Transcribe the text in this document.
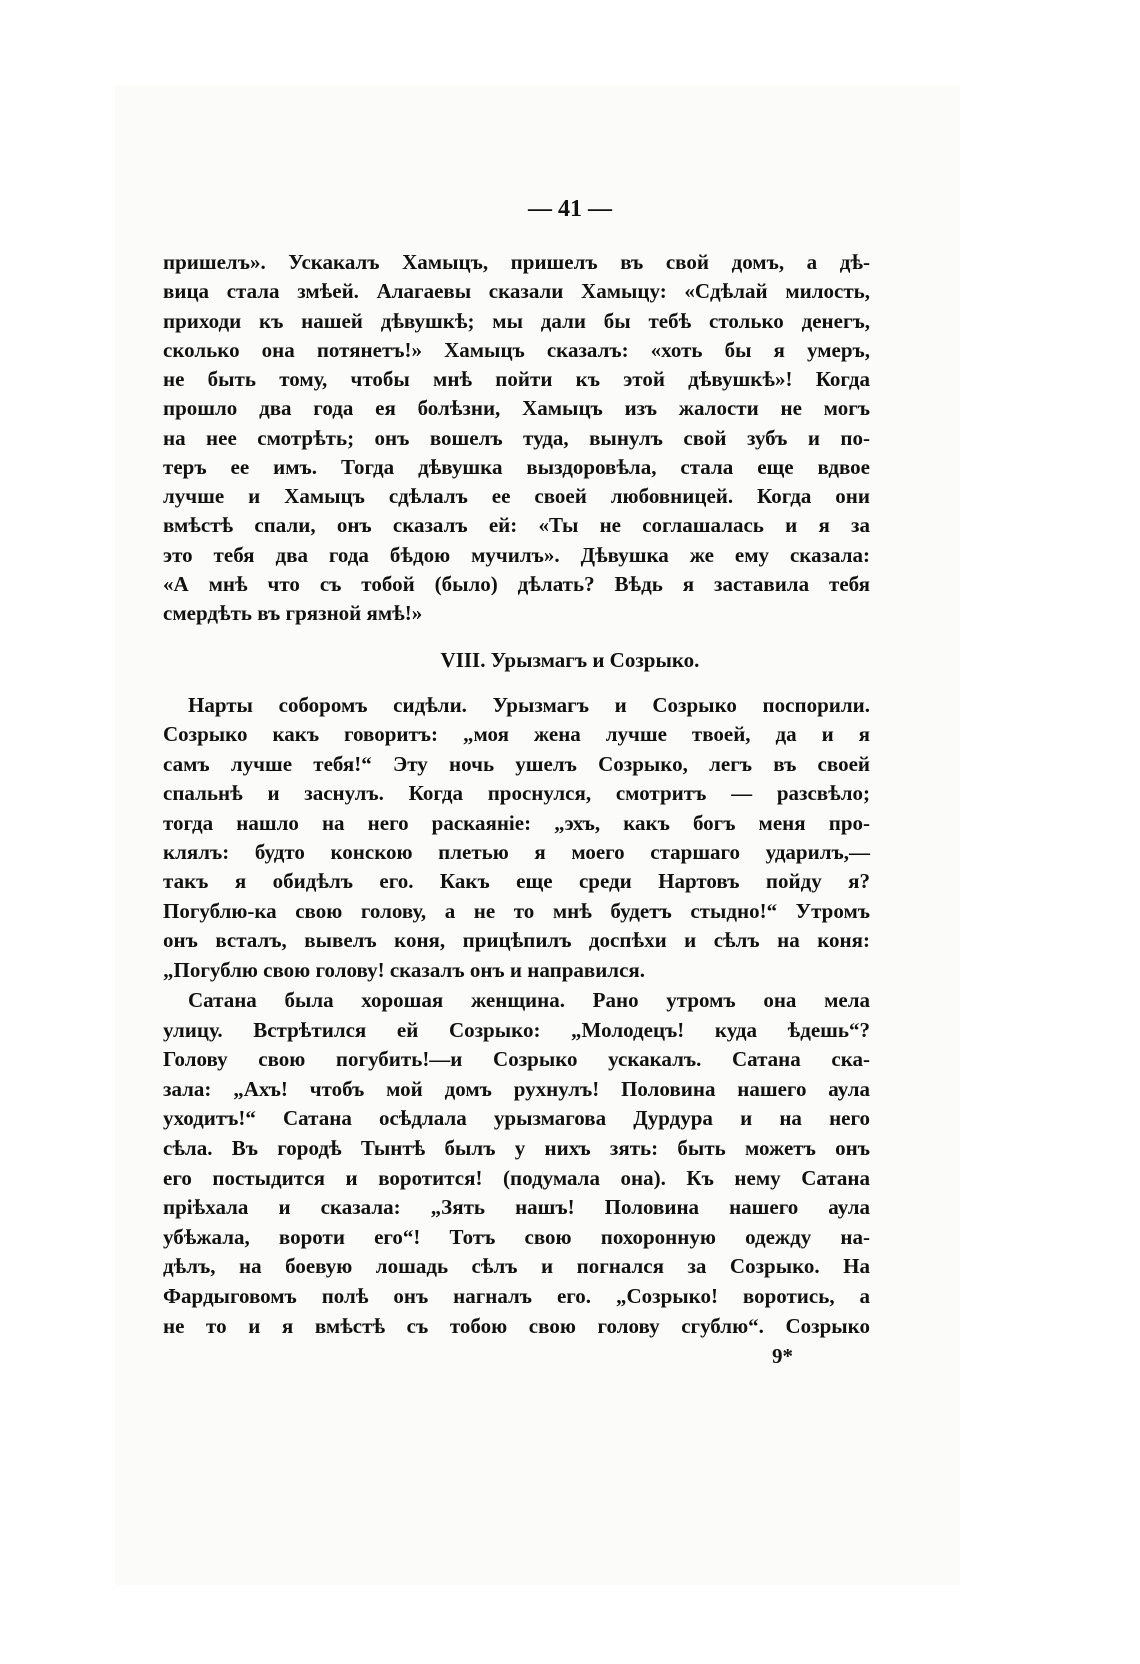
— 41 —
пришелъ». Ускакалъ Хамыцъ, пришелъ въ свой домъ, а дѣ-
вица стала змѣей. Алагаевы сказали Хамыцу: «Сдѣлай милость,
приходи къ нашей дѣвушкѣ; мы дали бы тебѣ столько денегъ,
сколько она потянетъ!» Хамыцъ сказалъ: «хоть бы я умеръ,
не быть тому, чтобы мнѣ пойти къ этой дѣвушкѣ»! Когда
прошло два года ея болѣзни, Хамыцъ изъ жалости не могъ
на нее смотрѣть; онъ вошелъ туда, вынулъ свой зубъ и по-
теръ ее имъ. Тогда дѣвушка выздоровѣла, стала еще вдвое
лучше и Хамыцъ сдѣлалъ ее своей любовницей. Когда они
вмѣстѣ спали, онъ сказалъ ей: «Ты не соглашалась и я за
это тебя два года бѣдою мучилъ». Дѣвушка же ему сказала:
«А мнѣ что съ тобой (было) дѣлать? Вѣдь я заставила тебя
смердѣть въ грязной ямѣ!»
VIII. Урызмагъ и Созрыко.
Нарты соборомъ сидѣли. Урызмагъ и Созрыко поспорили.
Созрыко какъ говоритъ: „моя жена лучше твоей, да и я
самъ лучше тебя!“ Эту ночь ушелъ Созрыко, легъ въ своей
спальнѣ и заснулъ. Когда проснулся, смотритъ — разсвѣло;
тогда нашло на него раскаяніе: „эхъ, какъ богъ меня про-
клялъ: будто конскою плетью я моего старшаго ударилъ,—
такъ я обидѣлъ его. Какъ еще среди Нартовъ пойду я?
Погублю-ка свою голову, а не то мнѣ будетъ стыдно!“ Утромъ
онъ всталъ, вывелъ коня, прицѣпилъ доспѣхи и сѣлъ на коня:
„Погублю свою голову! сказалъ онъ и направился.
Сатана была хорошая женщина. Рано утромъ она мела
улицу. Встрѣтился ей Созрыко: „Молодецъ! куда ѣдешь“?
Голову свою погубить!—и Созрыко ускакалъ. Сатана ска-
зала: „Ахъ! чтобъ мой домъ рухнулъ! Половина нашего аула
уходитъ!“ Сатана осѣдлала урызмагова Дурдура и на него
сѣла. Въ городѣ Тынтѣ былъ у нихъ зять: быть можетъ онъ
его постыдится и воротится! (подумала она). Къ нему Сатана
пріѣхала и сказала: „Зять нашъ! Половина нашего аула
убѣжала, вороти его“! Тотъ свою похоронную одежду на-
дѣлъ, на боевую лошадь сѣлъ и погнался за Созрыко. На
Фардыговомъ полѣ онъ нагналъ его. „Созрыко! воротись, а
не то и я вмѣстѣ съ тобою свою голову сгублю“. Созрыко
9*
